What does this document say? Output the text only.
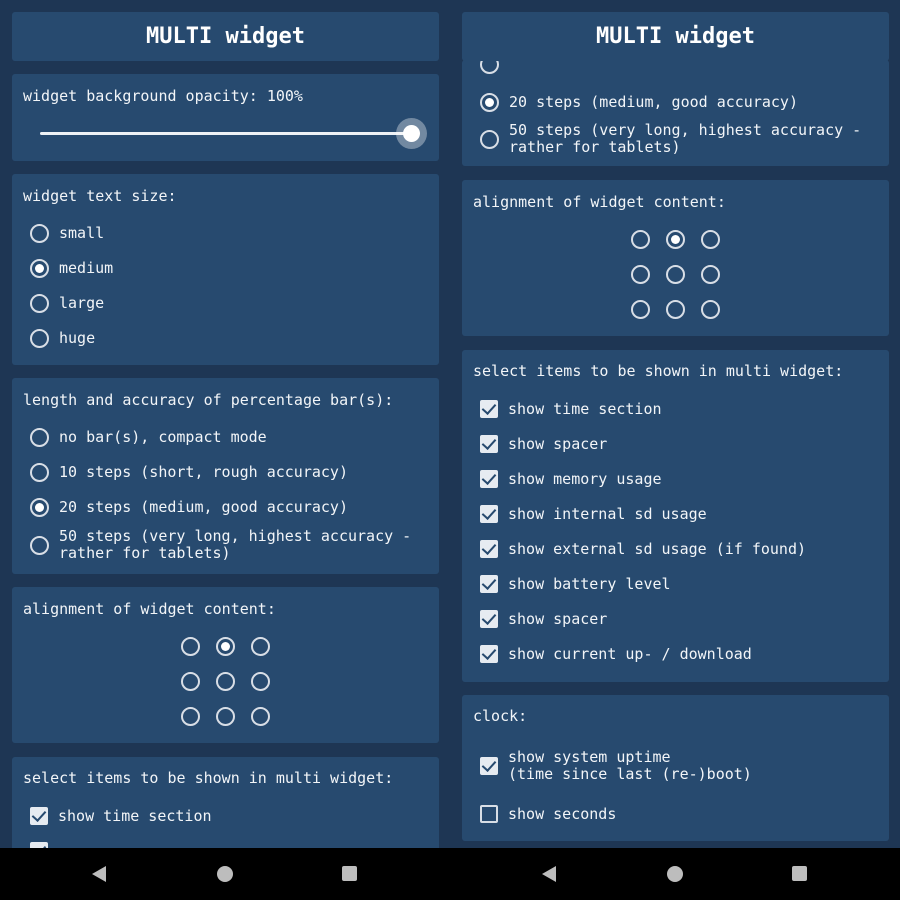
MULTI widget
widget background opacity: 100%
widget text size:
small
medium
large
huge
length and accuracy of percentage bar(s):
no bar(s), compact mode
10 steps (short, rough accuracy)
20 steps (medium, good accuracy)
50 steps (very long, highest accuracy -
rather for tablets)
alignment of widget content:
select items to be shown in multi widget:
show time section
20 steps (medium, good accuracy)
50 steps (very long, highest accuracy -
rather for tablets)
MULTI widget
alignment of widget content:
select items to be shown in multi widget:
show time section
show spacer
show memory usage
show internal sd usage
show external sd usage (if found)
show battery level
show spacer
show current up- / download
clock:
show system uptime
(time since last (re-)boot)
show seconds
